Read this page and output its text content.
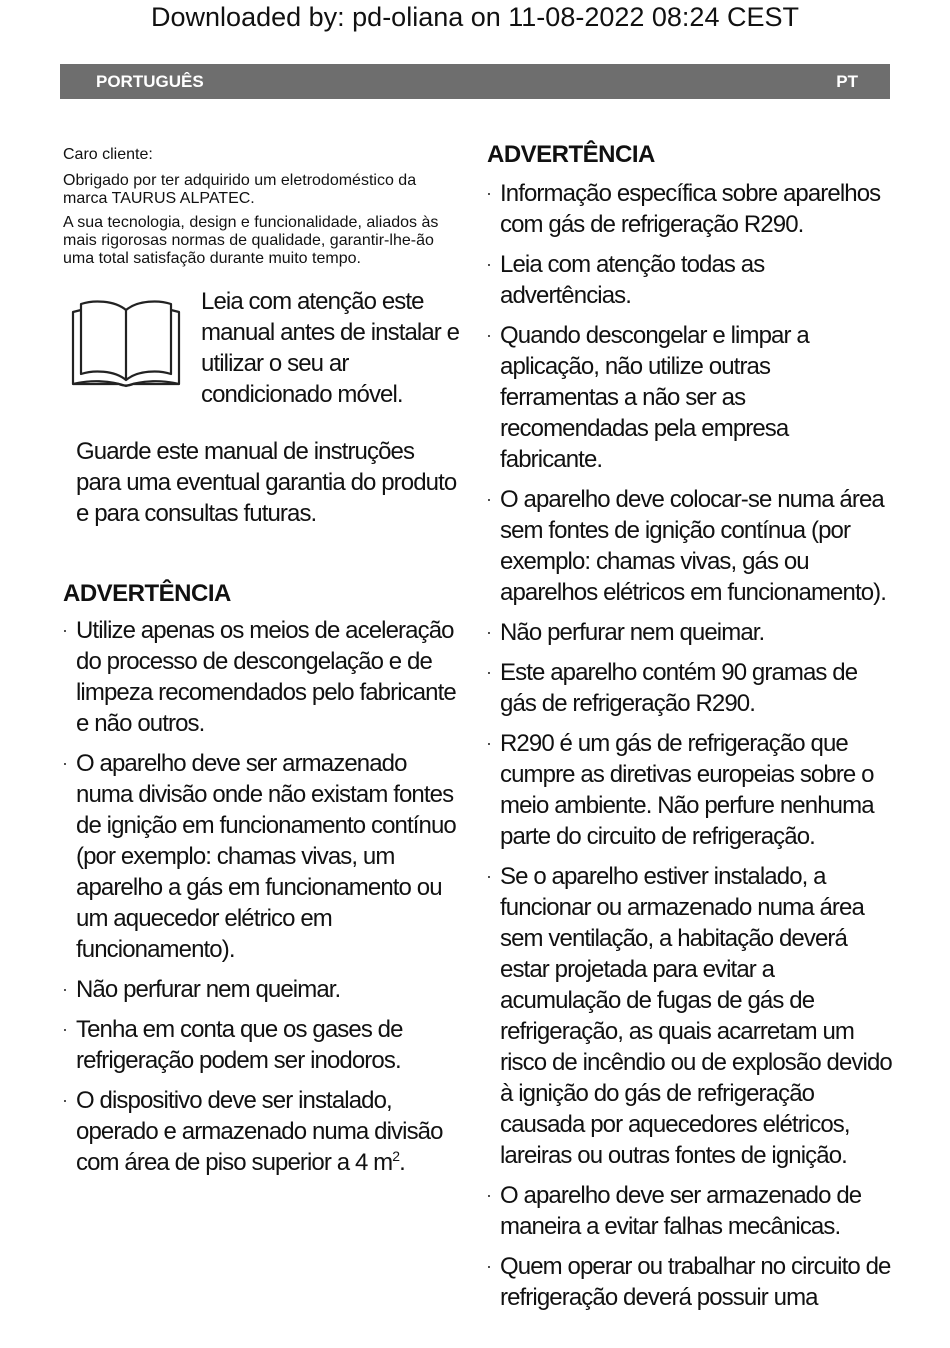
Downloaded by: pd-oliana on 11-08-2022 08:24 CEST
PORTUGUÊS	PT

Caro cliente:

Obrigado por ter adquirido um eletrodoméstico da marca TAURUS ALPATEC.

A sua tecnologia, design e funcionalidade, aliados às mais rigorosas normas de qualidade, garantir-lhe-ão uma total satisfação durante muito tempo.

Leia com atenção este manual antes de instalar e utilizar o seu ar condicionado móvel.

Guarde este manual de instruções para uma eventual garantia do produto e para consultas futuras.

ADVERTÊNCIA
· Utilize apenas os meios de aceleração do processo de descongelação e de limpeza recomendados pelo fabricante e não outros.
· O aparelho deve ser armazenado numa divisão onde não existam fontes de ignição em funcionamento contínuo (por exemplo: chamas vivas, um aparelho a gás em funcionamento ou um aquecedor elétrico em funcionamento).
· Não perfurar nem queimar.
· Tenha em conta que os gases de refrigeração podem ser inodoros.
· O dispositivo deve ser instalado, operado e armazenado numa divisão com área de piso superior a 4 $m^2$.
ADVERTÊNCIA
· Informação específica sobre aparelhos com gás de refrigeração R290.
· Leia com atenção todas as advertências.
· Quando descongelar e limpar a aplicação, não utilize outras ferramentas a não ser as recomendadas pela empresa fabricante.
· O aparelho deve colocar-se numa área sem fontes de ignição contínua (por exemplo: chamas vivas, gás ou aparelhos elétricos em funcionamento).
· Não perfurar nem queimar.
· Este aparelho contém 90 gramas de gás de refrigeração R290.
· R290 é um gás de refrigeração que cumpre as diretivas europeias sobre o meio ambiente. Não perfure nenhuma parte do circuito de refrigeração.
· Se o aparelho estiver instalado, a funcionar ou armazenado numa área sem ventilação, a habitação deverá estar projetada para evitar a acumulação de fugas de gás de refrigeração, as quais acarretam um risco de incêndio ou de explosão devido à ignição do gás de refrigeração causada por aquecedores elétricos, lareiras ou outras fontes de ignição.
· O aparelho deve ser armazenado de maneira a evitar falhas mecânicas.
· Quem operar ou trabalhar no circuito de refrigeração deverá possuir uma
